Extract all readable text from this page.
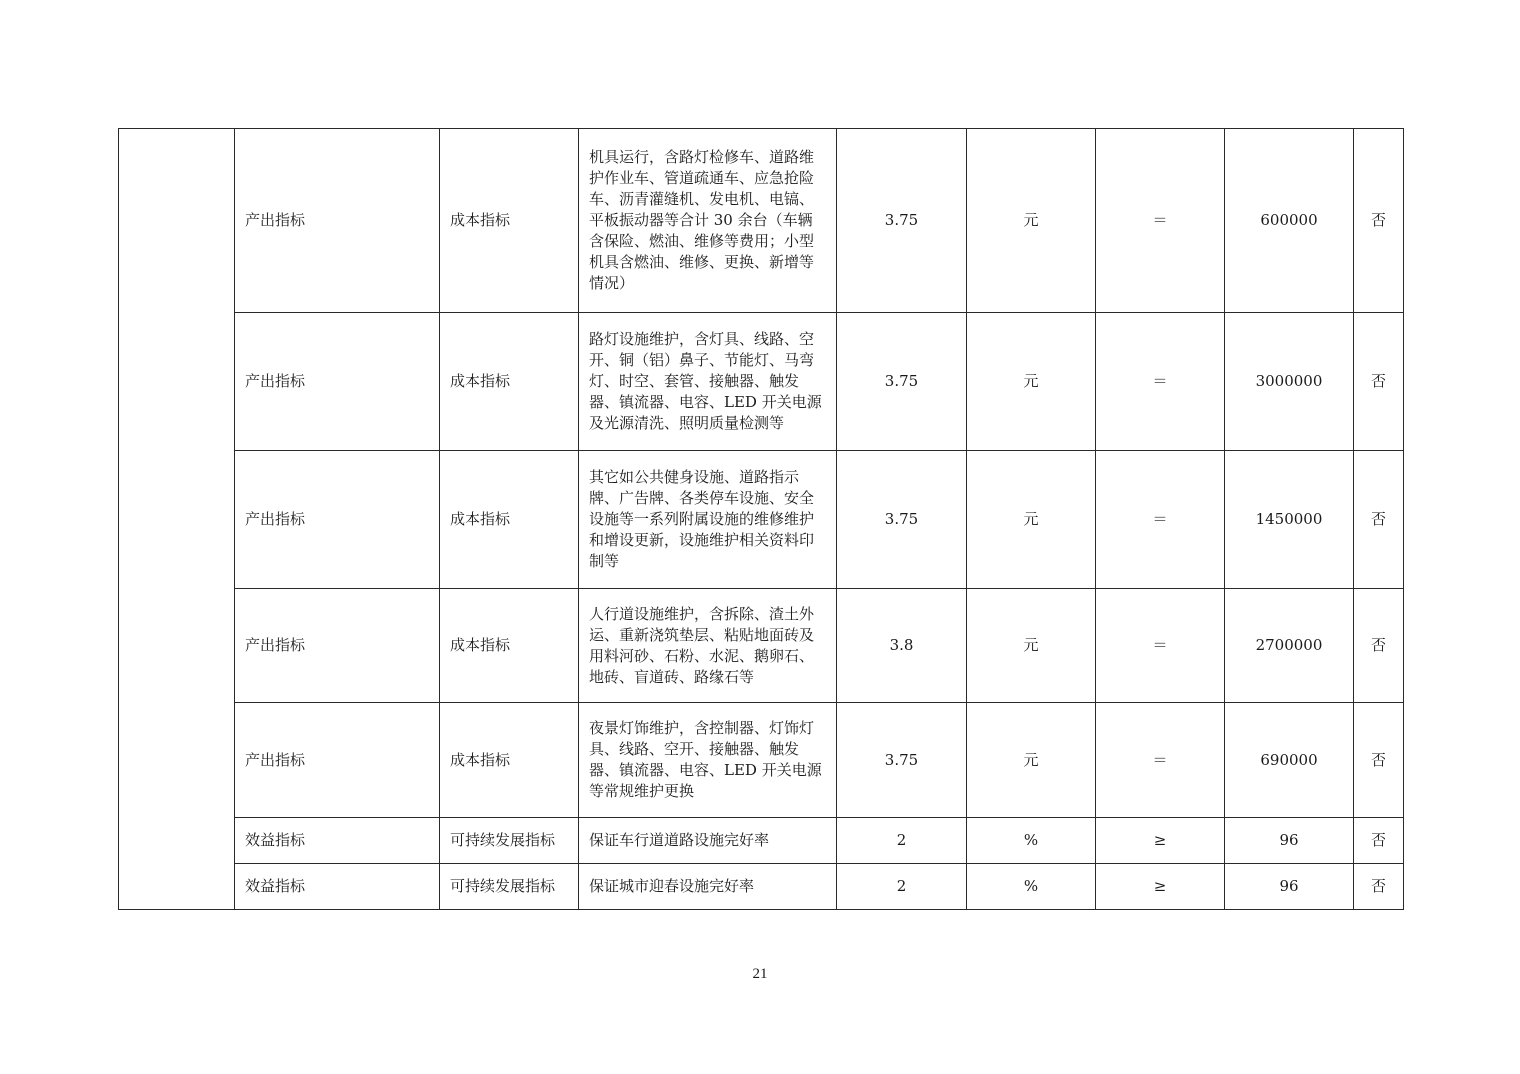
	产出指标	成本指标	机具运行，含路灯检修车、道路维护作业车、管道疏通车、应急抢险车、沥青灌缝机、发电机、电镐、平板振动器等合计 30 余台（车辆含保险、燃油、维修等费用；小型机具含燃油、维修、更换、新增等情况）	3.75	元	＝	600000	否
	产出指标	成本指标	路灯设施维护，含灯具、线路、空开、铜（铝）鼻子、节能灯、马弯灯、时空、套管、接触器、触发器、镇流器、电容、LED 开关电源及光源清洗、照明质量检测等	3.75	元	＝	3000000	否
	产出指标	成本指标	其它如公共健身设施、道路指示牌、广告牌、各类停车设施、安全设施等一系列附属设施的维修维护和增设更新，设施维护相关资料印制等	3.75	元	＝	1450000	否
	产出指标	成本指标	人行道设施维护，含拆除、渣土外运、重新浇筑垫层、粘贴地面砖及用料河砂、石粉、水泥、鹅卵石、地砖、盲道砖、路缘石等	3.8	元	＝	2700000	否
	产出指标	成本指标	夜景灯饰维护，含控制器、灯饰灯具、线路、空开、接触器、触发器、镇流器、电容、LED 开关电源等常规维护更换	3.75	元	＝	690000	否
	效益指标	可持续发展指标	保证车行道道路设施完好率	2	%	≥	96	否
	效益指标	可持续发展指标	保证城市迎春设施完好率	2	%	≥	96	否
21
